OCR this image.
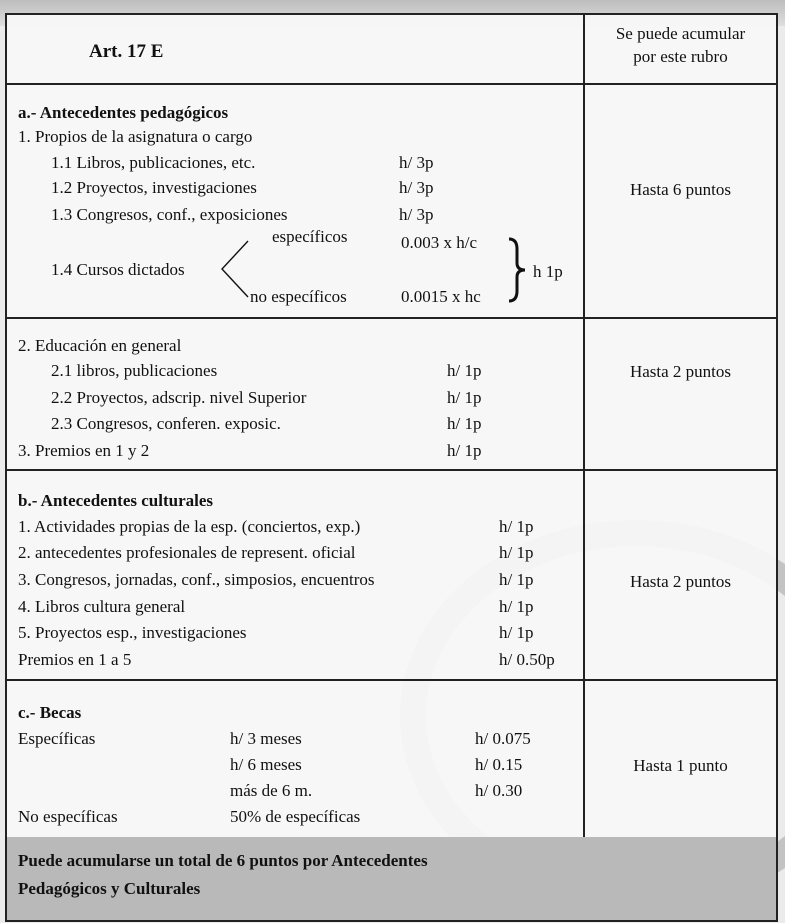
Art. 17 E
Se puede acumular
por este rubro
a.- Antecedentes pedagógicos
1. Propios de la asignatura o cargo
1.1 Libros, publicaciones, etc.	h/ 3p
1.2 Proyectos, investigaciones	h/ 3p
1.3 Congresos, conf., exposiciones	h/ 3p
específicos	0.003 x h/c
1.4 Cursos dictados	h 1p
no específicos	0.0015 x hc
Hasta 6 puntos
2. Educación en general
2.1 libros, publicaciones	h/ 1p
2.2 Proyectos, adscrip. nivel Superior	h/ 1p
2.3 Congresos, conferen. exposic.	h/ 1p
3. Premios en 1 y 2	h/ 1p
Hasta 2 puntos
b.- Antecedentes culturales
1. Actividades propias de la esp. (conciertos, exp.)	h/ 1p
2. antecedentes profesionales de represent. oficial	h/ 1p
3. Congresos, jornadas, conf., simposios, encuentros	h/ 1p
4. Libros cultura general	h/ 1p
5. Proyectos esp., investigaciones	h/ 1p
Premios en 1 a 5	h/ 0.50p
Hasta 2 puntos
c.- Becas
Específicas	h/ 3 meses	h/ 0.075
h/ 6 meses	h/ 0.15
más de 6 m.	h/ 0.30
No específicas	50% de específicas
Hasta 1 punto
Puede acumularse un total de 6 puntos por Antecedentes
Pedagógicos y Culturales
